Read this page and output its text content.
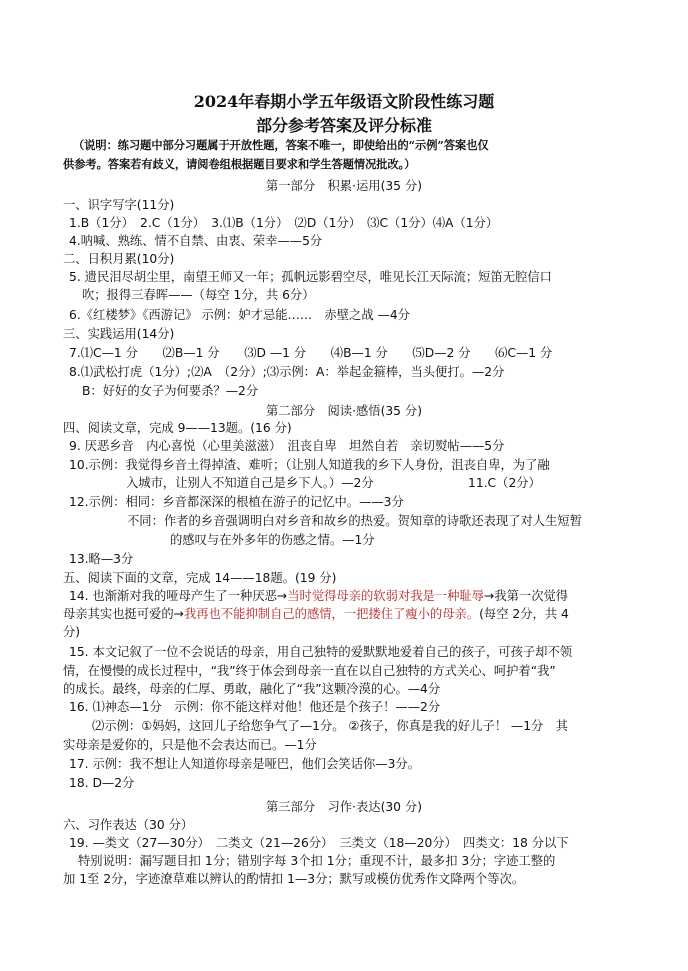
2024年春期小学五年级语文阶段性练习题
部分参考答案及评分标准
（说明：练习题中部分习题属于开放性题，答案不唯一，即使给出的“示例”答案也仅
供参考。答案若有歧义，请阅卷组根据题目要求和学生答题情况批改。）
第一部分　积累·运用(35 分)
一、识字写字(11分)
1.B（1分）　2.C（1分）　3.⑴B（1分）　⑵D（1分）　⑶C（1分）⑷A（1分）
4.呐喊、熟练、情不自禁、由衷、荣幸——5分
二、日积月累(10分)
5. 遗民泪尽胡尘里，南望王师又一年；孤帆远影碧空尽，唯见长江天际流；短笛无腔信口
吹；报得三春晖——（每空 1分，共 6分）
6.《红楼梦》《西游记》 示例：妒才忌能……　赤壁之战 —4分
三、实践运用(14分)
7.⑴C—1 分　　⑵B—1 分　　⑶D —1 分　　⑷B—1 分　　⑸D—2 分　　⑹C—1 分
8.⑴武松打虎（1分）;⑵A　（2分）;⑶示例：A：举起金箍棒，当头便打。—2分
B：好好的女子为何要杀？—2分
第二部分　阅读·感悟(35 分)
四、阅读文章，完成 9——13题。(16 分)
9. 厌恶乡音　内心喜悦（心里美滋滋）　沮丧自卑　坦然自若　亲切熨帖——5分
10.示例：我觉得乡音土得掉渣、难听；（让别人知道我的乡下人身份，沮丧自卑，为了融
入城市，让别人不知道自己是乡下人。）—2分	11.C（2分）
12.示例：相同：乡音都深深的根植在游子的记忆中。——3分
不同：作者的乡音强调明白对乡音和故乡的热爱。贺知章的诗歌还表现了对人生短暂
的感叹与在外多年的伤感之情。—1分
13.略—3分
五、阅读下面的文章，完成 14——18题。(19 分)
14. 也渐渐对我的哑母产生了一种厌恶→当时觉得母亲的软弱对我是一种耻辱→我第一次觉得
母亲其实也挺可爱的→我再也不能抑制自己的感情，一把搂住了瘦小的母亲。(每空 2分，共 4
分)
15. 本文记叙了一位不会说话的母亲，用自己独特的爱默默地爱着自己的孩子，可孩子却不领
情，在慢慢的成长过程中，“我”终于体会到母亲一直在以自己独特的方式关心、呵护着“我”
的成长。最终，母亲的仁厚、勇敢，融化了“我”这颗冷漠的心。—4分
16. ⑴神态—1分　示例：你不能这样对他！他还是个孩子！——2分
⑵示例：①妈妈，这回儿子给您争气了—1分。 ②孩子，你真是我的好儿子！ —1分　其
实母亲是爱你的，只是他不会表达而已。—1分
17. 示例：我不想让人知道你母亲是哑巴，他们会笑话你—3分。
18. D—2分
第三部分　习作·表达(30 分)
六、习作表达（30 分）
19. —类文（27—30分）　二类文（21—26分）　三类文（18—20分）　四类文：18 分以下
特别说明：漏写题目扣 1分；错别字每 3个扣 1分；重现不计，最多扣 3分；字迹工整的
加 1至 2分，字迹潦草难以辨认的酌情扣 1—3分；默写或模仿优秀作文降两个等次。
